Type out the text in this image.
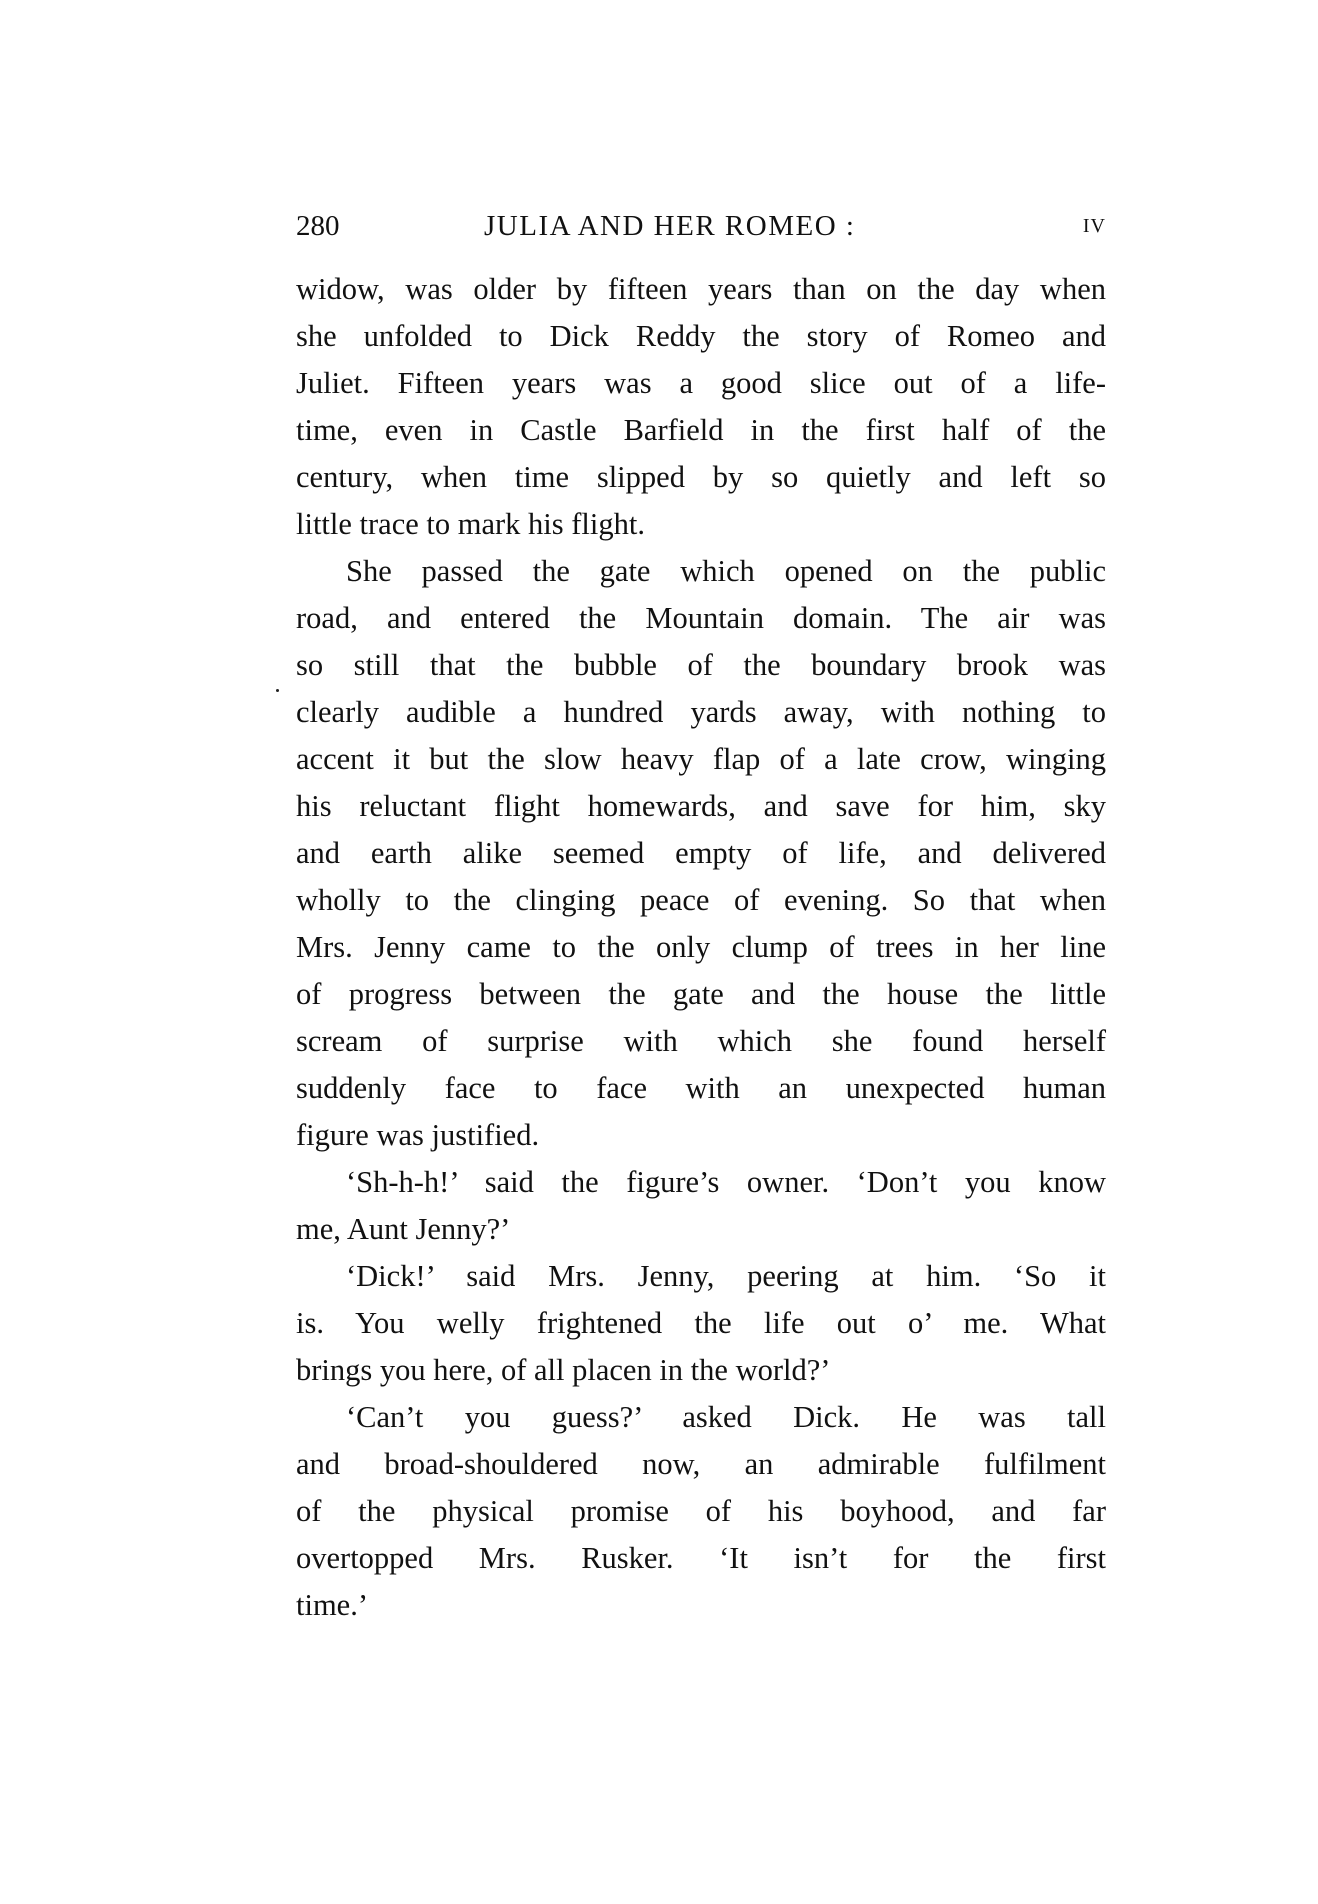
280	JULIA AND HER ROMEO :	IV
widow, was older by fifteen years than on the day when
she unfolded to Dick Reddy the story of Romeo and
Juliet. Fifteen years was a good slice out of a life-
time, even in Castle Barfield in the first half of the
century, when time slipped by so quietly and left so
little trace to mark his flight.
She passed the gate which opened on the public
road, and entered the Mountain domain. The air was
so still that the bubble of the boundary brook was
clearly audible a hundred yards away, with nothing to
accent it but the slow heavy flap of a late crow, winging
his reluctant flight homewards, and save for him, sky
and earth alike seemed empty of life, and delivered
wholly to the clinging peace of evening. So that when
Mrs. Jenny came to the only clump of trees in her line
of progress between the gate and the house the little
scream of surprise with which she found herself
suddenly face to face with an unexpected human
figure was justified.
‘Sh-h-h!’ said the figure’s owner. ‘Don’t you know
me, Aunt Jenny?’
‘Dick!’ said Mrs. Jenny, peering at him. ‘So it
is. You welly frightened the life out o’ me. What
brings you here, of all placen in the world?’
‘Can’t you guess?’ asked Dick. He was tall
and broad-shouldered now, an admirable fulfilment
of the physical promise of his boyhood, and far
overtopped Mrs. Rusker. ‘It isn’t for the first
time.’
